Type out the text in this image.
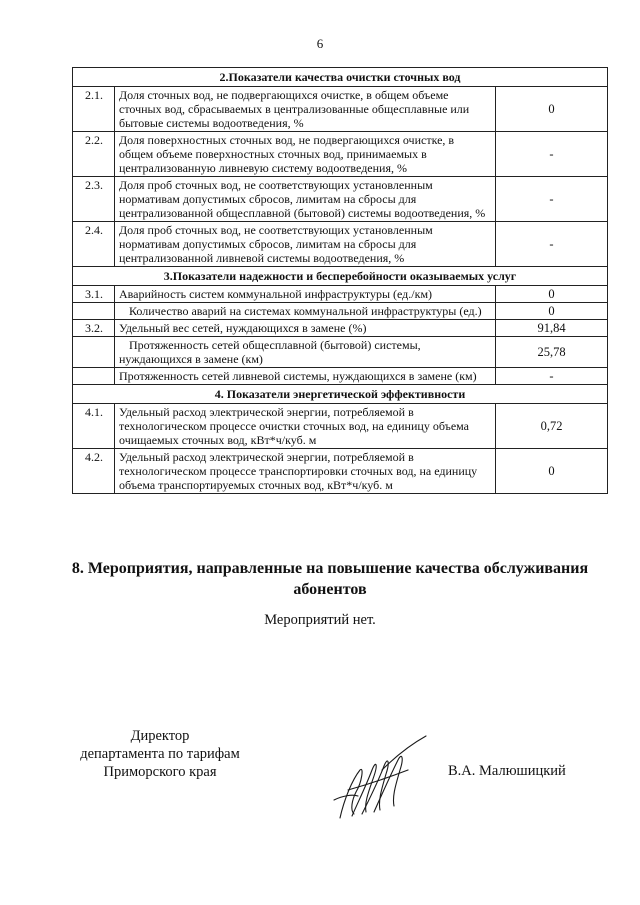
6
2.Показатели качества очистки сточных вод		
2.1.	Доля сточных вод, не подвергающихся очистке, в общем объеме сточных вод, сбрасываемых в централизованные общесплавные или бытовые системы водоотведения, %	0
2.2.	Доля поверхностных сточных вод, не подвергающихся очистке, в общем объеме поверхностных сточных вод, принимаемых в централизованную ливневую систему водоотведения, %	-
2.3.	Доля проб сточных вод, не соответствующих установленным нормативам допустимых сбросов, лимитам на сбросы для централизованной общесплавной (бытовой) системы водоотведения, %	-
2.4.	Доля проб сточных вод, не соответствующих установленным нормативам допустимых сбросов, лимитам на сбросы для централизованной ливневой системы водоотведения, %	-
3.Показатели надежности и бесперебойности оказываемых услуг		
3.1.	Аварийность систем коммунальной инфраструктуры (ед./км)	0
	Количество аварий на системах коммунальной инфраструктуры (ед.)	0
3.2.	Удельный вес сетей, нуждающихся в замене (%)	91,84
	Протяженность сетей общесплавной (бытовой) системы, нуждающихся в замене (км)	25,78
	Протяженность сетей ливневой системы, нуждающихся в замене (км)	-
4. Показатели энергетической эффективности		
4.1.	Удельный расход электрической энергии, потребляемой в технологическом процессе очистки сточных вод, на единицу объема очищаемых сточных вод, кВт*ч/куб. м	0,72
4.2.	Удельный расход электрической энергии, потребляемой в технологическом процессе транспортировки сточных вод, на единицу объема транспортируемых сточных вод, кВт*ч/куб. м	0
8. Мероприятия, направленные на повышение качества обслуживания абонентов
Мероприятий нет.
Директор
департамента по тарифам
Приморского края	В.А. Малюшицкий
